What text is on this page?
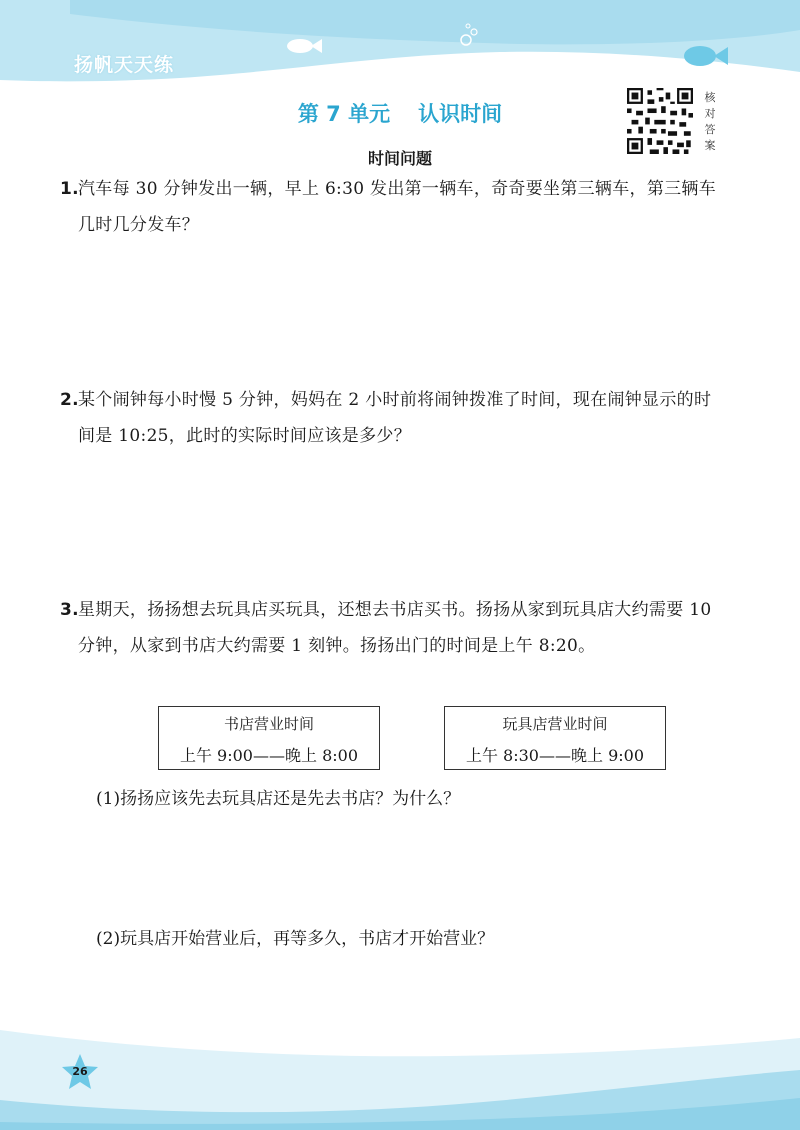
扬帆天天练
第 7 单元 认识时间
核对答案
时间问题
1. 汽车每 30 分钟发出一辆，早上 6:30 发出第一辆车，奇奇要坐第三辆车，第三辆车几时几分发车？
2. 某个闹钟每小时慢 5 分钟，妈妈在 2 小时前将闹钟拨准了时间，现在闹钟显示的时间是 10:25，此时的实际时间应该是多少？
3. 星期天，扬扬想去玩具店买玩具，还想去书店买书。扬扬从家到玩具店大约需要 10 分钟，从家到书店大约需要 1 刻钟。扬扬出门的时间是上午 8:20。
书店营业时间
上午 9:00——晚上 8:00
玩具店营业时间
上午 8:30——晚上 9:00
(1)扬扬应该先去玩具店还是先去书店？为什么？
(2)玩具店开始营业后，再等多久，书店才开始营业？
26
